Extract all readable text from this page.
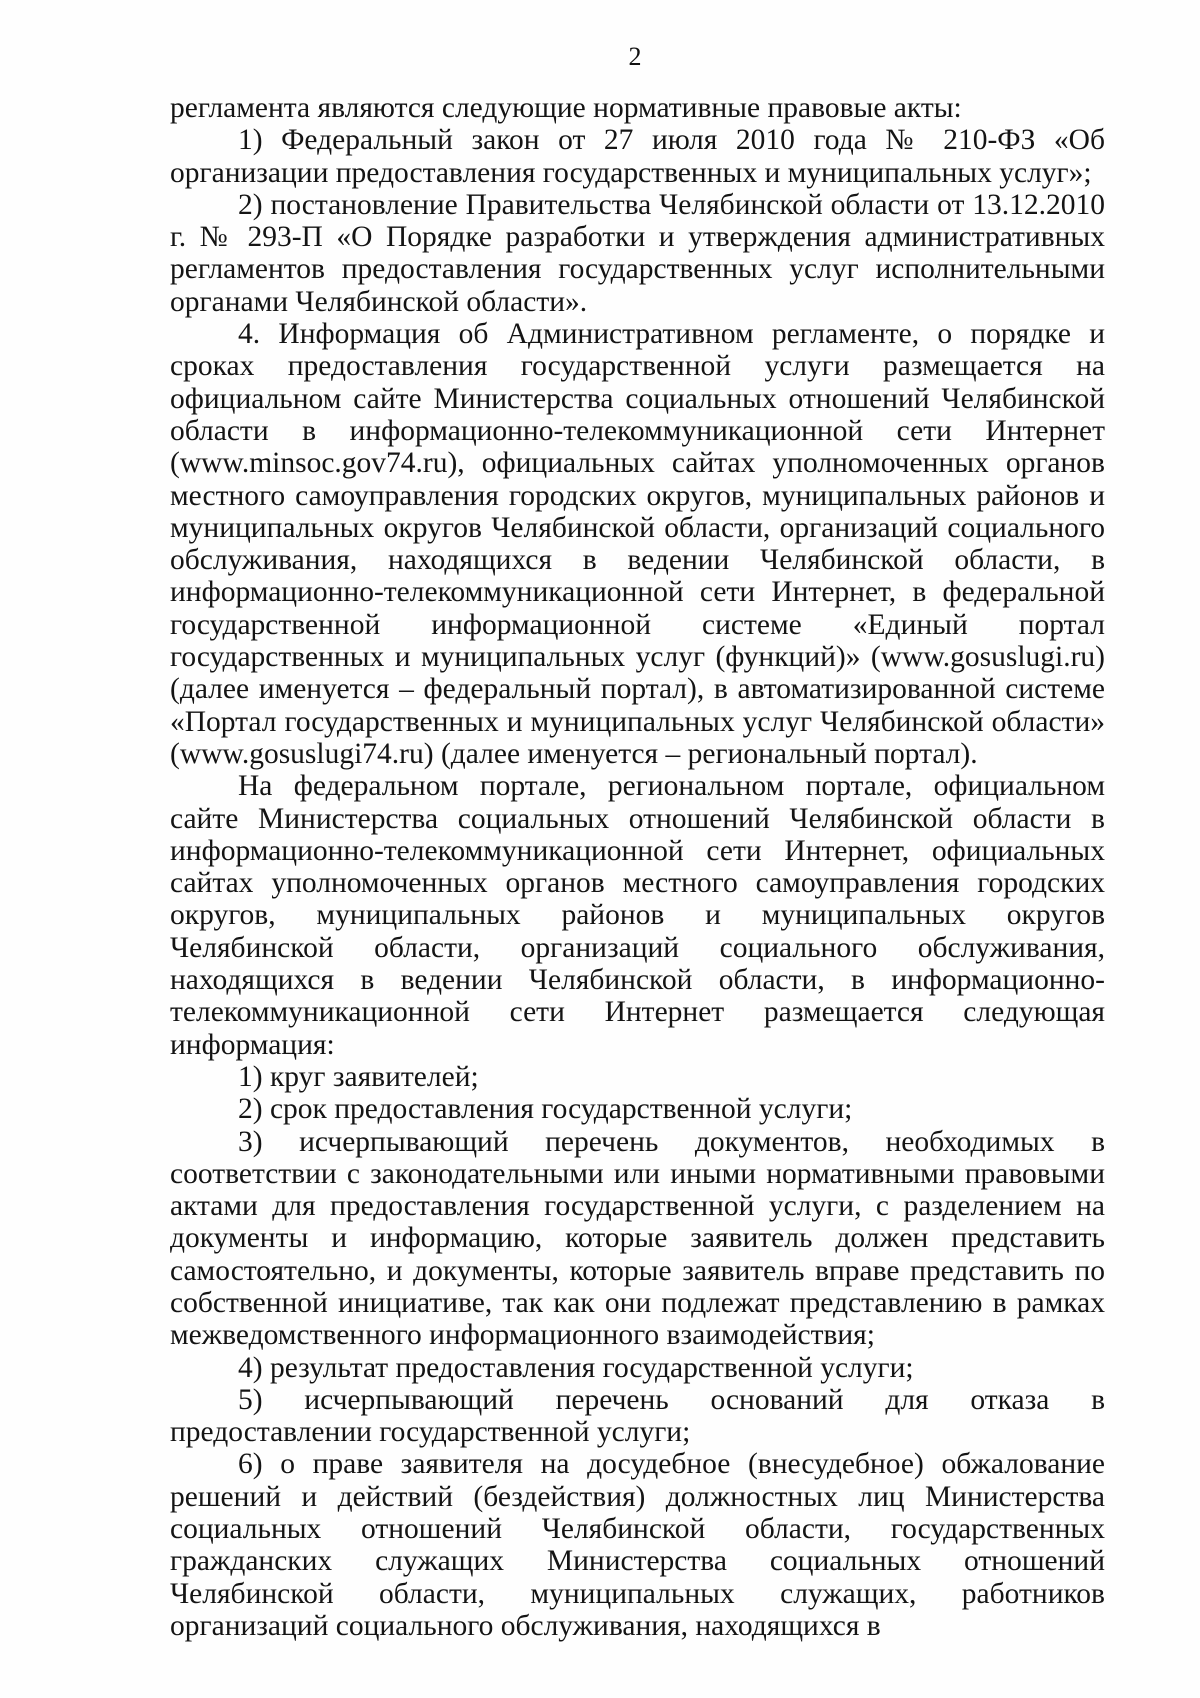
2

регламента являются следующие нормативные правовые акты:

1) Федеральный закон от 27 июля 2010 года № 210-ФЗ «Об организации предоставления государственных и муниципальных услуг»;

2) постановление Правительства Челябинской области от 13.12.2010 г. № 293-П «О Порядке разработки и утверждения административных регламентов предоставления государственных услуг исполнительными органами Челябинской области».

4. Информация об Административном регламенте, о порядке и сроках предоставления государственной услуги размещается на официальном сайте Министерства социальных отношений Челябинской области в информационно-телекоммуникационной сети Интернет (www.minsoc.gov74.ru), официальных сайтах уполномоченных органов местного самоуправления городских округов, муниципальных районов и муниципальных округов Челябинской области, организаций социального обслуживания, находящихся в ведении Челябинской области, в информационно-телекоммуникационной сети Интернет, в федеральной государственной информационной системе «Единый портал государственных и муниципальных услуг (функций)» (www.gosuslugi.ru) (далее именуется – федеральный портал), в автоматизированной системе «Портал государственных и муниципальных услуг Челябинской области» (www.gosuslugi74.ru) (далее именуется – региональный портал).

На федеральном портале, региональном портале, официальном сайте Министерства социальных отношений Челябинской области в информационно-телекоммуникационной сети Интернет, официальных сайтах уполномоченных органов местного самоуправления городских округов, муниципальных районов и муниципальных округов Челябинской области, организаций социального обслуживания, находящихся в ведении Челябинской области, в информационно-телекоммуникационной сети Интернет размещается следующая информация:

1) круг заявителей;

2) срок предоставления государственной услуги;

3) исчерпывающий перечень документов, необходимых в соответствии с законодательными или иными нормативными правовыми актами для предоставления государственной услуги, с разделением на документы и информацию, которые заявитель должен представить самостоятельно, и документы, которые заявитель вправе представить по собственной инициативе, так как они подлежат представлению в рамках межведомственного информационного взаимодействия;

4) результат предоставления государственной услуги;

5) исчерпывающий перечень оснований для отказа в предоставлении государственной услуги;

6) о праве заявителя на досудебное (внесудебное) обжалование решений и действий (бездействия) должностных лиц Министерства социальных отношений Челябинской области, государственных гражданских служащих Министерства социальных отношений Челябинской области, муниципальных служащих, работников организаций социального обслуживания, находящихся в
